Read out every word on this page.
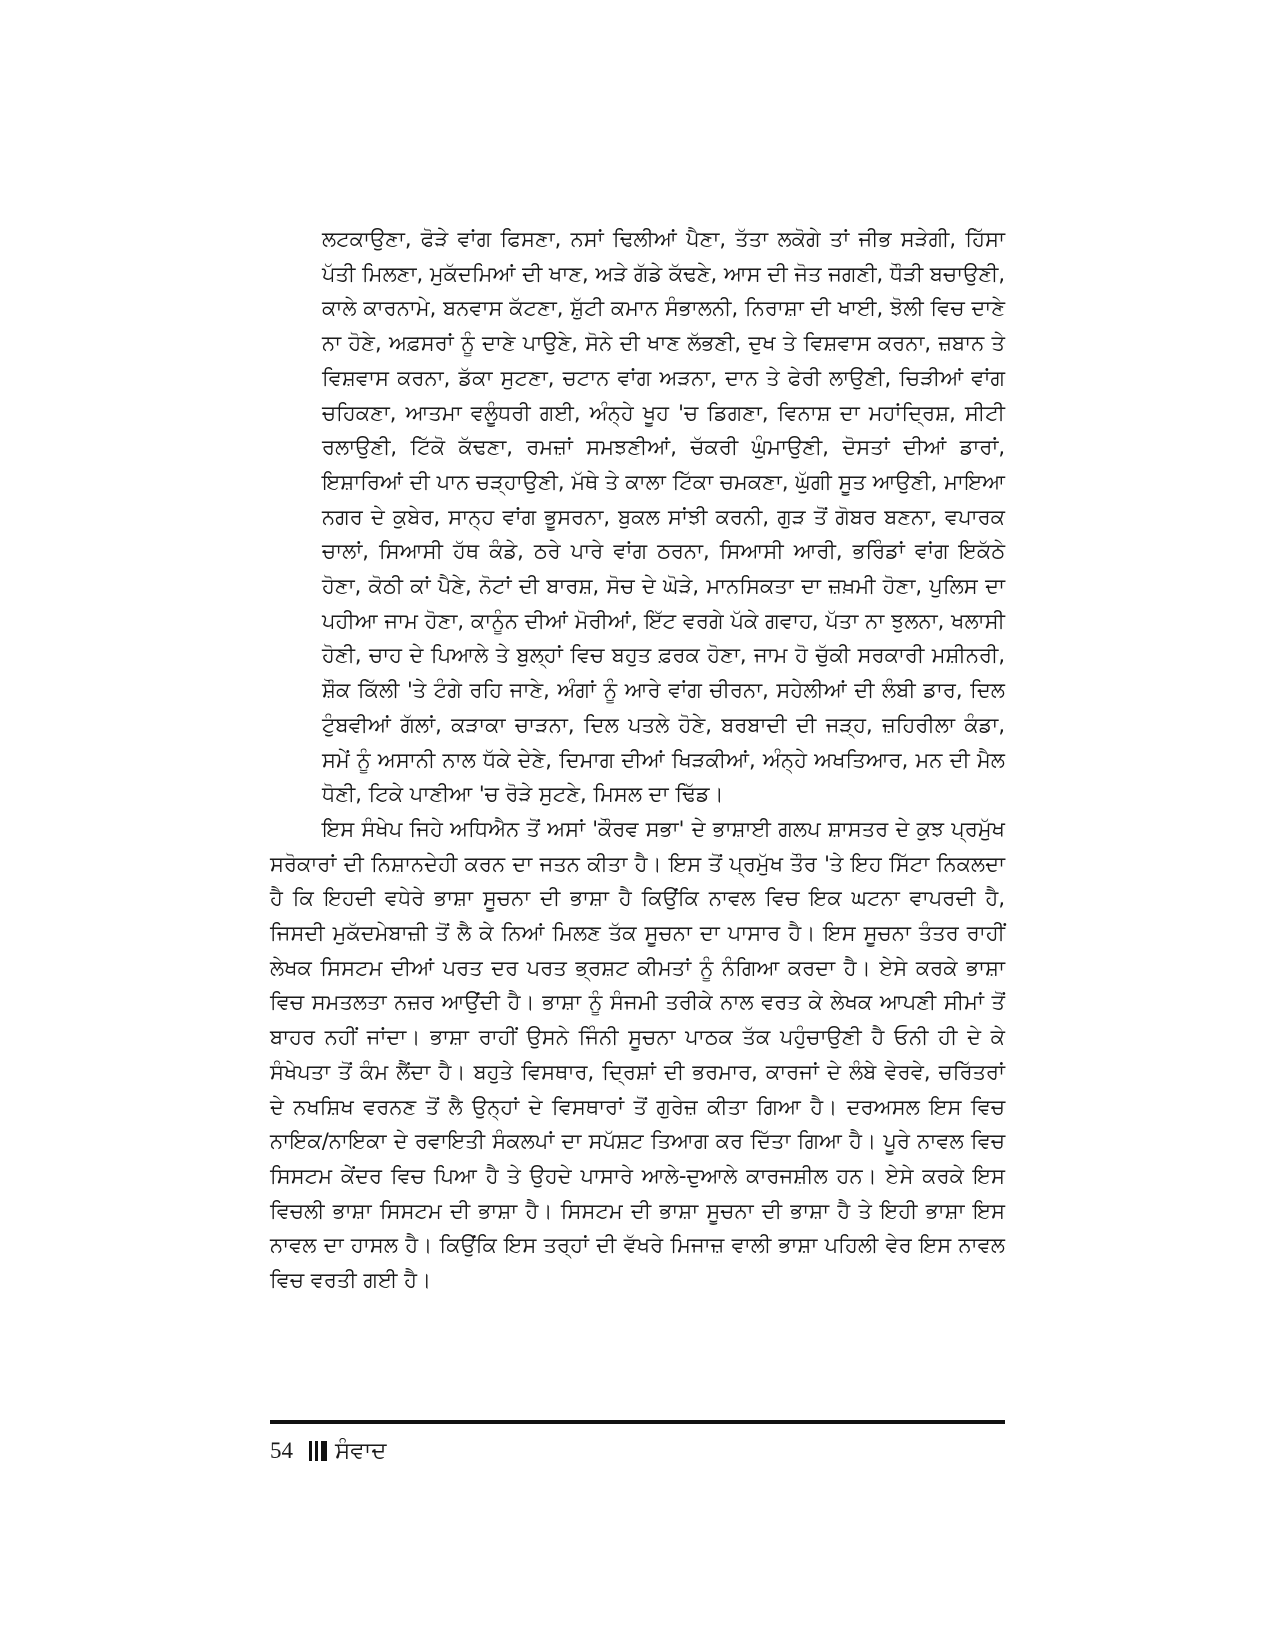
ਲਟਕਾਉਣਾ, ਫੋੜੇ ਵਾਂਗ ਫਿਸਣਾ, ਨਸਾਂ ਢਿਲੀਆਂ ਪੈਣਾ, ਤੱਤਾ ਲਕੋਗੇ ਤਾਂ ਜੀਭ ਸੜੇਗੀ, ਹਿੱਸਾ ਪੱਤੀ ਮਿਲਣਾ, ਮੁਕੱਦਮਿਆਂ ਦੀ ਖਾਣ, ਅੜੇ ਗੱਡੇ ਕੱਢਣੇ, ਆਸ ਦੀ ਜੋਤ ਜਗਣੀ, ਧੌੜੀ ਬਚਾਉਣੀ, ਕਾਲੇ ਕਾਰਨਾਮੇ, ਬਨਵਾਸ ਕੱਟਣਾ, ਸ਼ੁੱਟੀ ਕਮਾਨ ਸੰਭਾਲਨੀ, ਨਿਰਾਸ਼ਾ ਦੀ ਖਾਈ, ਝੋਲੀ ਵਿਚ ਦਾਣੇ ਨਾ ਹੋਣੇ, ਅਫ਼ਸਰਾਂ ਨੂੰ ਦਾਣੇ ਪਾਉਣੇ, ਸੋਨੇ ਦੀ ਖਾਣ ਲੱਭਣੀ, ਦੁਖ ਤੇ ਵਿਸ਼ਵਾਸ ਕਰਨਾ, ਜ਼ਬਾਨ ਤੇ ਵਿਸ਼ਵਾਸ ਕਰਨਾ, ਡੱਕਾ ਸੁਟਣਾ, ਚਟਾਨ ਵਾਂਗ ਅੜਨਾ, ਦਾਨ ਤੇ ਫੇਰੀ ਲਾਉਣੀ, ਚਿੜੀਆਂ ਵਾਂਗ ਚਹਿਕਣਾ, ਆਤਮਾ ਵਲੂੰਧਰੀ ਗਈ, ਅੰਨ੍ਹੇ ਖੂਹ 'ਚ ਡਿਗਣਾ, ਵਿਨਾਸ਼ ਦਾ ਮਹਾਂਦ੍ਰਿਸ਼, ਸੀਟੀ ਰਲਾਉਣੀ, ਟਿੱਕੋ ਕੱਢਣਾ, ਰਮਜ਼ਾਂ ਸਮਝਣੀਆਂ, ਚੱਕਰੀ ਘੁੰਮਾਉਣੀ, ਦੋਸਤਾਂ ਦੀਆਂ ਡਾਰਾਂ, ਇਸ਼ਾਰਿਆਂ ਦੀ ਪਾਨ ਚੜ੍ਹਾਉਣੀ, ਮੱਥੇ ਤੇ ਕਾਲਾ ਟਿੱਕਾ ਚਮਕਣਾ, ਘੁੱਗੀ ਸੂਤ ਆਉਣੀ, ਮਾਇਆ ਨਗਰ ਦੇ ਕੁਬੇਰ, ਸਾਨ੍ਹ ਵਾਂਗ ਭੂਸਰਨਾ, ਬੁਕਲ ਸਾਂਝੀ ਕਰਨੀ, ਗੁੜ ਤੋਂ ਗੋਬਰ ਬਣਨਾ, ਵਪਾਰਕ ਚਾਲਾਂ, ਸਿਆਸੀ ਹੱਥ ਕੰਡੇ, ਠਰੇ ਪਾਰੇ ਵਾਂਗ ਠਰਨਾ, ਸਿਆਸੀ ਆਰੀ, ਭਰਿੰਡਾਂ ਵਾਂਗ ਇਕੱਠੇ ਹੋਣਾ, ਕੋਠੀ ਕਾਂ ਪੈਣੇ, ਨੋਟਾਂ ਦੀ ਬਾਰਸ਼, ਸੋਚ ਦੇ ਘੋੜੇ, ਮਾਨਸਿਕਤਾ ਦਾ ਜ਼ਖ਼ਮੀ ਹੋਣਾ, ਪੁਲਿਸ ਦਾ ਪਹੀਆ ਜਾਮ ਹੋਣਾ, ਕਾਨੂੰਨ ਦੀਆਂ ਮੋਰੀਆਂ, ਇੱਟ ਵਰਗੇ ਪੱਕੇ ਗਵਾਹ, ਪੱਤਾ ਨਾ ਝੁਲਨਾ, ਖਲਾਸੀ ਹੋਣੀ, ਚਾਹ ਦੇ ਪਿਆਲੇ ਤੇ ਬੁਲ੍ਹਾਂ ਵਿਚ ਬਹੁਤ ਫ਼ਰਕ ਹੋਣਾ, ਜਾਮ ਹੋ ਚੁੱਕੀ ਸਰਕਾਰੀ ਮਸ਼ੀਨਰੀ, ਸ਼ੌਕ ਕਿੱਲੀ 'ਤੇ ਟੰਗੇ ਰਹਿ ਜਾਣੇ, ਅੰਗਾਂ ਨੂੰ ਆਰੇ ਵਾਂਗ ਚੀਰਨਾ, ਸਹੇਲੀਆਂ ਦੀ ਲੰਬੀ ਡਾਰ, ਦਿਲ ਟੁੰਬਵੀਆਂ ਗੱਲਾਂ, ਕੜਾਕਾ ਚਾੜਨਾ, ਦਿਲ ਪਤਲੇ ਹੋਣੇ, ਬਰਬਾਦੀ ਦੀ ਜੜ੍ਹ, ਜ਼ਹਿਰੀਲਾ ਕੰਡਾ, ਸਮੇਂ ਨੂੰ ਅਸਾਨੀ ਨਾਲ ਧੱਕੇ ਦੇਣੇ, ਦਿਮਾਗ ਦੀਆਂ ਖਿੜਕੀਆਂ, ਅੰਨ੍ਹੇ ਅਖਤਿਆਰ, ਮਨ ਦੀ ਮੈਲ ਧੋਣੀ, ਟਿਕੇ ਪਾਣੀਆ 'ਚ ਰੋੜੇ ਸੁਟਣੇ, ਮਿਸਲ ਦਾ ਢਿੱਡ।

ਇਸ ਸੰਖੇਪ ਜਿਹੇ ਅਧਿਐਨ ਤੋਂ ਅਸਾਂ 'ਕੌਰਵ ਸਭਾ' ਦੇ ਭਾਸ਼ਾਈ ਗਲਪ ਸ਼ਾਸਤਰ ਦੇ ਕੁਝ ਪ੍ਰਮੁੱਖ ਸਰੋਕਾਰਾਂ ਦੀ ਨਿਸ਼ਾਨਦੇਹੀ ਕਰਨ ਦਾ ਜਤਨ ਕੀਤਾ ਹੈ। ਇਸ ਤੋਂ ਪ੍ਰਮੁੱਖ ਤੌਰ 'ਤੇ ਇਹ ਸਿੱਟਾ ਨਿਕਲਦਾ ਹੈ ਕਿ ਇਹਦੀ ਵਧੇਰੇ ਭਾਸ਼ਾ ਸੂਚਨਾ ਦੀ ਭਾਸ਼ਾ ਹੈ ਕਿਉਂਕਿ ਨਾਵਲ ਵਿਚ ਇਕ ਘਟਨਾ ਵਾਪਰਦੀ ਹੈ, ਜਿਸਦੀ ਮੁਕੱਦਮੇਬਾਜ਼ੀ ਤੋਂ ਲੈ ਕੇ ਨਿਆਂ ਮਿਲਣ ਤੱਕ ਸੂਚਨਾ ਦਾ ਪਾਸਾਰ ਹੈ। ਇਸ ਸੂਚਨਾ ਤੰਤਰ ਰਾਹੀਂ ਲੇਖਕ ਸਿਸਟਮ ਦੀਆਂ ਪਰਤ ਦਰ ਪਰਤ ਭ੍ਰਸ਼ਟ ਕੀਮਤਾਂ ਨੂੰ ਨੰਗਿਆ ਕਰਦਾ ਹੈ। ਏਸੇ ਕਰਕੇ ਭਾਸ਼ਾ ਵਿਚ ਸਮਤਲਤਾ ਨਜ਼ਰ ਆਉਂਦੀ ਹੈ। ਭਾਸ਼ਾ ਨੂੰ ਸੰਜਮੀ ਤਰੀਕੇ ਨਾਲ ਵਰਤ ਕੇ ਲੇਖਕ ਆਪਣੀ ਸੀਮਾਂ ਤੋਂ ਬਾਹਰ ਨਹੀਂ ਜਾਂਦਾ। ਭਾਸ਼ਾ ਰਾਹੀਂ ਉਸਨੇ ਜਿੰਨੀ ਸੂਚਨਾ ਪਾਠਕ ਤੱਕ ਪਹੁੰਚਾਉਣੀ ਹੈ ਓਨੀ ਹੀ ਦੇ ਕੇ ਸੰਖੇਪਤਾ ਤੋਂ ਕੰਮ ਲੈਂਦਾ ਹੈ। ਬਹੁਤੇ ਵਿਸਥਾਰ, ਦ੍ਰਿਸ਼ਾਂ ਦੀ ਭਰਮਾਰ, ਕਾਰਜਾਂ ਦੇ ਲੰਬੇ ਵੇਰਵੇ, ਚਰਿੱਤਰਾਂ ਦੇ ਨਖਸ਼ਿਖ ਵਰਨਣ ਤੋਂ ਲੈ ਉਨ੍ਹਾਂ ਦੇ ਵਿਸਥਾਰਾਂ ਤੋਂ ਗੁਰੇਜ਼ ਕੀਤਾ ਗਿਆ ਹੈ। ਦਰਅਸਲ ਇਸ ਵਿਚ ਨਾਇਕ/ਨਾਇਕਾ ਦੇ ਰਵਾਇਤੀ ਸੰਕਲਪਾਂ ਦਾ ਸਪੱਸ਼ਟ ਤਿਆਗ ਕਰ ਦਿੱਤਾ ਗਿਆ ਹੈ। ਪੂਰੇ ਨਾਵਲ ਵਿਚ ਸਿਸਟਮ ਕੇਂਦਰ ਵਿਚ ਪਿਆ ਹੈ ਤੇ ਉਹਦੇ ਪਾਸਾਰੇ ਆਲੇ-ਦੁਆਲੇ ਕਾਰਜਸ਼ੀਲ ਹਨ। ਏਸੇ ਕਰਕੇ ਇਸ ਵਿਚਲੀ ਭਾਸ਼ਾ ਸਿਸਟਮ ਦੀ ਭਾਸ਼ਾ ਹੈ। ਸਿਸਟਮ ਦੀ ਭਾਸ਼ਾ ਸੂਚਨਾ ਦੀ ਭਾਸ਼ਾ ਹੈ ਤੇ ਇਹੀ ਭਾਸ਼ਾ ਇਸ ਨਾਵਲ ਦਾ ਹਾਸਲ ਹੈ। ਕਿਉਂਕਿ ਇਸ ਤਰ੍ਹਾਂ ਦੀ ਵੱਖਰੇ ਮਿਜਾਜ਼ ਵਾਲੀ ਭਾਸ਼ਾ ਪਹਿਲੀ ਵੇਰ ਇਸ ਨਾਵਲ ਵਿਚ ਵਰਤੀ ਗਈ ਹੈ।

54 ਸੰਵਾਦ
